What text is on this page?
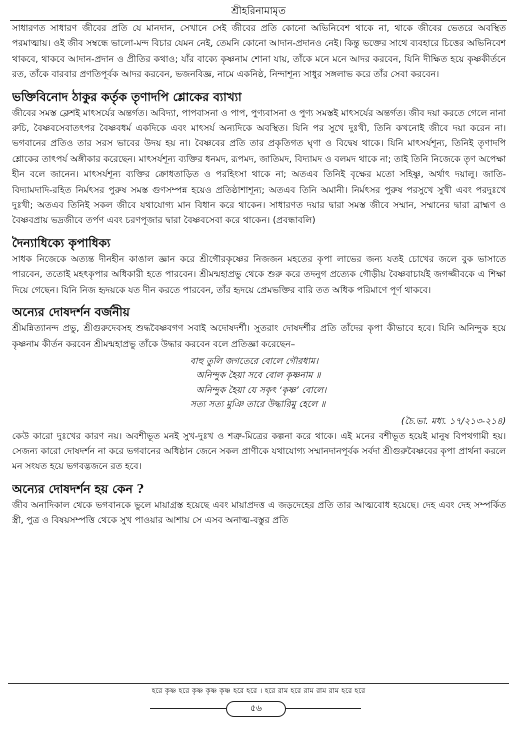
শ্রীহরিনামামৃত

সাধারণত সাধারণ জীবের প্রতি যে মানদান, সেখানে সেই জীবের প্রতি কোনো অভিনিবেশ থাকে না, থাকে জীবের ভেতরে অবস্থিত পরমাত্মায়। ওই জীব সম্বন্ধে ভালো-মন্দ বিচার যেমন নেই, তেমনি কোনো আদান-প্রদানও নেই। কিন্তু ভক্তের সাথে ব্যবহারে চিত্তের অভিনিবেশ থাকবে, থাকবে আদান-প্রদান ও প্রীতির কথাও; যাঁর বাক্যে কৃষ্ণনাম শোনা যায়, তাঁকে মনে মনে আদর করবেন, যিনি দীক্ষিত হয়ে কৃষ্ণকীর্তনে রত, তাঁকে বারবার প্রণতিপূর্বক আদর করবেন, ভজনবিজ্ঞ, নামে একনিষ্ঠ, নিন্দাশূন্য সাধুর সঙ্গলাভ করে তাঁর সেবা করবেন।

ভক্তিবিনোদ ঠাকুর কর্তৃক তৃণাদপি শ্লোকের ব্যাখ্যা

জীবের সমস্ত ক্লেশই মাৎসর্যের অন্তর্গত। অবিদ্যা, পাপবাসনা ও পাপ, পুণ্যবাসনা ও পুণ্য সমস্তই মাৎসর্যের অন্তর্গত। জীব দয়া করতে গেলে নানা রুচি, বৈষ্ণবসেবাতৎপর বৈষ্ণবধর্ম একদিকে এবং মাৎসর্য অন্যদিকে অবস্থিত। যিনি পর সুখে দুঃখী, তিনি কখনোই জীবে দয়া করেন না। ভগবানের প্রতিও তার সরস ভাবের উদয় হয় না। বৈষ্ণবের প্রতি তার প্রকৃতিগত ঘৃণা ও বিদ্বেষ থাকে। যিনি মাৎসর্যশূন্য, তিনিই তৃণাদপি শ্লোকের তাৎপর্য অঙ্গীকার করেছেন। মাৎসর্যশূন্য ব্যক্তির ধনমদ, রূপমদ, জাতিমদ, বিদ্যামদ ও বলমদ থাকে না; তাই তিনি নিজেকে তৃণ অপেক্ষা হীন বলে জানেন। মাৎসর্যশূন্য ব্যক্তির ক্রোধতাড়িত ও পরহিংসা থাকে না; অতএব তিনিই বৃক্ষের মতো সহিষ্ণু, অর্থাৎ দয়ালু। জাতি-বিদ্যামদাদি-রহিত নির্মৎসর পুরুষ সমস্ত গুণসম্পন্ন হয়েও প্রতিষ্ঠাশাশূন্য; অতএব তিনি অমানী। নির্মৎসর পুরুষ পরসুখে সুখী এবং পরদুঃখে দুঃখী; অতএব তিনিই সকল জীবে যথাযোগ্য মান বিধান করে থাকেন। সাধারণত দয়ার দ্বারা সমস্ত জীবে সম্মান, সম্মানের দ্বারা ব্রাহ্মণ ও বৈষ্ণবপ্রায় ভদ্রজীবে তর্পণ এবং চরণপূজার দ্বারা বৈষ্ণবসেবা করে থাকেন। (প্রবন্ধাবলি)

দৈন্যাধিক্যে কৃপাধিক্য

সাধক নিজেকে অত্যন্ত দীনহীন কাঙাল জ্ঞান করে শ্রীগৌরকৃষ্ণের নিজজন মহতের কৃপা লাভের জন্য যতই চোখের জলে বুক ভাসাতে পারবেন, ততোই মহৎকৃপার অধিকারী হতে পারবেন। শ্রীমন্মহাপ্রভু থেকে শুরু করে তদনুগ প্রত্যেক গৌড়ীয় বৈষ্ণবাচার্যই জগজ্জীবকে এ শিক্ষা দিয়ে গেছেন। যিনি নিজ হৃদয়কে যত দীন করতে পারবেন, তাঁর হৃদয়ে প্রেমভক্তির বারি তত অধিক পরিমাণে পূর্ণ থাকবে।

অন্যের দোষদর্শন বর্জনীয়

শ্রীমন্নিত্যানন্দ প্রভু, শ্রীগুরুদেবসহ শুদ্ধবৈষ্ণবগণ সবাই অদোষদর্শী। সুতরাং দোষদর্শীর প্রতি তাঁদের কৃপা কীভাবে হবে। যিনি অনিন্দুক হয়ে কৃষ্ণনাম কীর্তন করবেন শ্রীমন্মহাপ্রভু তাঁকে উদ্ধার করবেন বলে প্রতিজ্ঞা করেছেন–

বাহু তুলি জগতেরে বোলে গৌরধাম।
অনিন্দুক হৈয়া সবে বোল কৃষ্ণনাম ॥
অনিন্দুক হৈয়া যে সকৃৎ ‘কৃষ্ণ’ বোলে।
সত্য সত্য মুঞি তারে উদ্ধারিমু হেলে ॥
(চৈ.ভা. মধ্য. ১৭/২১৩-২১৪)

কেউ কারো দুঃখের কারণ নয়। অবশীভূত মনই সুখ-দুঃখ ও শত্রু-মিত্রের কল্পনা করে থাকে। এই মনের বশীভূত হয়েই মানুষ বিপথগামী হয়। সেজন্য কারো দোষদর্শন না করে ভগবানের অধিষ্ঠান জেনে সকল প্রাণীকে যথাযোগ্য সম্মানদানপূর্বক সর্বদা শ্রীগুরুবৈষ্ণবের কৃপা প্রার্থনা করলে মন সংযত হয়ে ভগবদ্ভজনে রত হবে।

অন্যের দোষদর্শন হয় কেন ?

জীব অনাদিকাল থেকে ভগবানকে ভুলে মায়াগ্রস্ত হয়েছে এবং মায়াপ্রদত্ত এ জড়দেহের প্রতি তার আত্মবোধ হয়েছে। দেহ এবং দেহ সম্পর্কিত স্ত্রী, পুত্র ও বিষয়সম্পত্তি থেকে সুখ পাওয়ার আশায় সে এসব অনাত্ম-বস্তুর প্রতি

হরে কৃষ্ণ হরে কৃষ্ণ কৃষ্ণ কৃষ্ণ হরে হরে । হরে রাম হরে রাম রাম রাম হরে হরে
৫৬
